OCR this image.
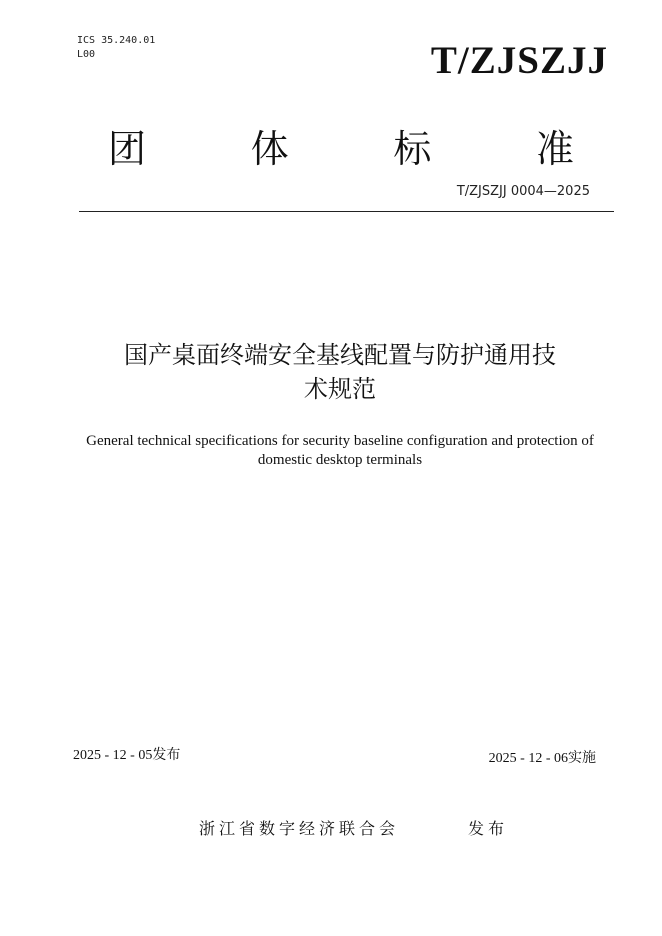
ICS 35.240.01
L00	T/ZJSZJJ
团	体	标	准
T/ZJSZJJ 0004—2025
国产桌面终端安全基线配置与防护通用技
术规范
General technical specifications for security baseline configuration and protection of
domestic desktop terminals
2025 - 12 - 05发布	2025 - 12 - 06实施
浙江省数字经济联合会	发布
